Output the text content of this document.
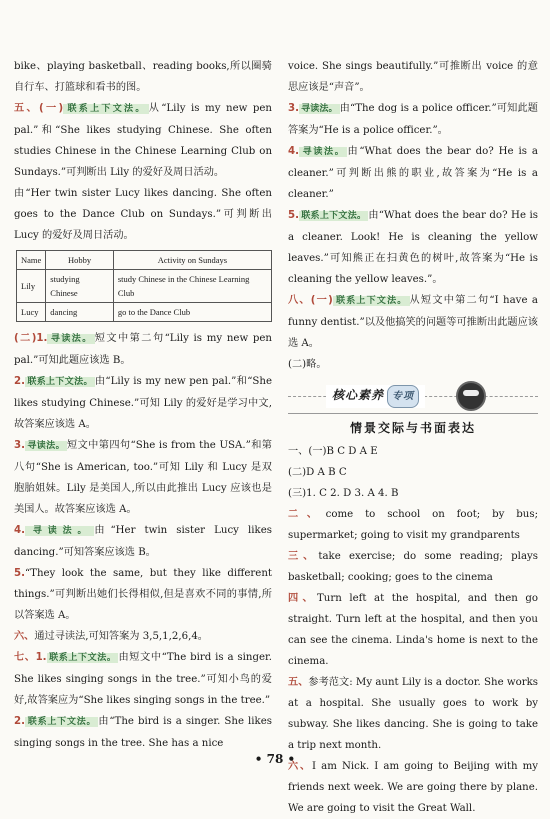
bike、playing basketball、reading books,所以圈骑自行车、打篮球和看书的图。

五、(一) 联系上下文法。 从“Lily is my new pen pal.”和“She likes studying Chinese. She often studies Chinese in the Chinese Learning Club on Sundays.”可判断出 Lily 的爱好及周日活动。

由“Her twin sister Lucy likes dancing. She often goes to the Dance Club on Sundays.”可判断出 Lucy 的爱好及周日活动。

Name	Hobby	Activity on Sundays
Lily	studying Chinese	study Chinese in the Chinese Learning Club
Lucy	dancing	go to the Dance Club

(二)1. 寻读法。 短文中第二句“Lily is my new pen pal.”可知此题应该选 B。

2. 联系上下文法。 由“Lily is my new pen pal.”和“She likes studying Chinese.”可知 Lily 的爱好是学习中文,故答案应该选 A。

3. 寻读法。 短文中第四句“She is from the USA.”和第八句“She is American, too.”可知 Lily 和 Lucy 是双胞胎姐妹。Lily 是美国人,所以由此推出 Lucy 应该也是美国人。故答案应该选 A。

4. 寻读法。 由“Her twin sister Lucy likes dancing.”可知答案应该选 B。

5.“They look the same, but they like different things.”可判断出她们长得相似,但是喜欢不同的事情,所以答案选 A。

六、通过寻读法,可知答案为 3,5,1,2,6,4。

七、1. 联系上下文法。 由短文中“The bird is a singer. She likes singing songs in the tree.”可知小鸟的爱好,故答案应为“She likes singing songs in the tree.”

2. 联系上下文法。 由“The bird is a singer. She likes singing songs in the tree. She has a nice

voice. She sings beautifully.”可推断出 voice 的意思应该是“声音”。

3. 寻读法。 由“The dog is a police officer.”可知此题答案为“He is a police officer.”。

4. 寻读法。 由“What does the bear do? He is a cleaner.”可判断出熊的职业,故答案为“He is a cleaner.”

5. 联系上下文法。 由“What does the bear do? He is a cleaner. Look! He is cleaning the yellow leaves.”可知熊正在扫黄色的树叶,故答案为“He is cleaning the yellow leaves.”。

八、(一) 联系上下文法。 从短文中第二句“I have a funny dentist.”以及他搞笑的问题等可推断出此题应该选 A。

(二)略。

核心素养 专项
情景交际与书面表达

一、(一)B C D A E

(二)D A B C

(三)1. C 2. D 3. A 4. B

二、come to school on foot; by bus; supermarket; going to visit my grandparents

三、take exercise; do some reading; plays basketball; cooking; goes to the cinema

四、Turn left at the hospital, and then go straight. Turn left at the hospital, and then you can see the cinema. Linda's home is next to the cinema.

五、参考范文: My aunt Lily is a doctor. She works at a hospital. She usually goes to work by subway. She likes dancing. She is going to take a trip next month.

六、I am Nick. I am going to Beijing with my friends next week. We are going there by plane. We are going to visit the Great Wall.

• 78 •
